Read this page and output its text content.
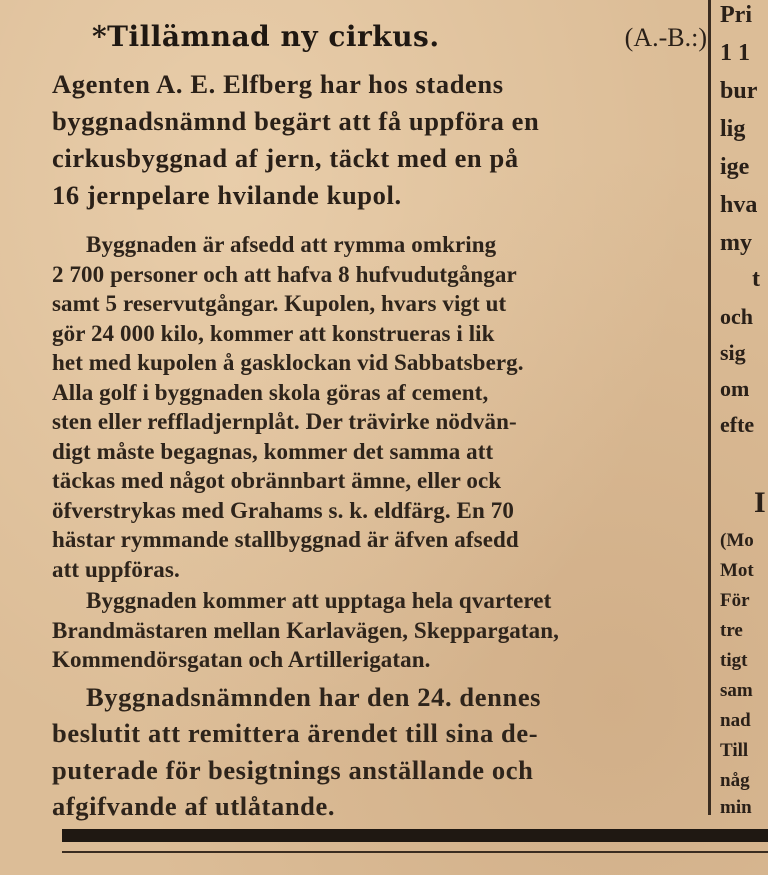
*Tillämnad ny cirkus.	(A.-B.:)

Agenten A. E. Elfberg har hos stadens
byggnadsnämnd begärt att få uppföra en
cirkusbyggnad af jern, täckt med en på
16 jernpelare hvilande kupol.

Byggnaden är afsedd att rymma omkring
2 700 personer och att hafva 8 hufvudutgångar
samt 5 reservutgångar. Kupolen, hvars vigt ut
gör 24 000 kilo, kommer att konstrueras i lik
het med kupolen å gasklockan vid Sabbatsberg.
Alla golf i byggnaden skola göras af cement,
sten eller reffladjernplåt. Der trävirke nödvän-
digt måste begagnas, kommer det samma att
täckas med något obrännbart ämne, eller ock
öfverstrykas med Grahams s. k. eldfärg. En 70
hästar rymmande stallbyggnad är äfven afsedd
att uppföras.

Byggnaden kommer att upptaga hela qvarteret
Brandmästaren mellan Karlavägen, Skeppargatan,
Kommendörsgatan och Artillerigatan.

Byggnadsnämnden har den 24. dennes
beslutit att remittera ärendet till sina de-
puterade för besigtnings anställande och
afgifvande af utlåtande.

Pri
1 1
bur
lig
ige
hva
my
t
och
sig
om
efte
I
(Mo
Mot
För
tre
tigt
sam
nad
Till
någ
min
